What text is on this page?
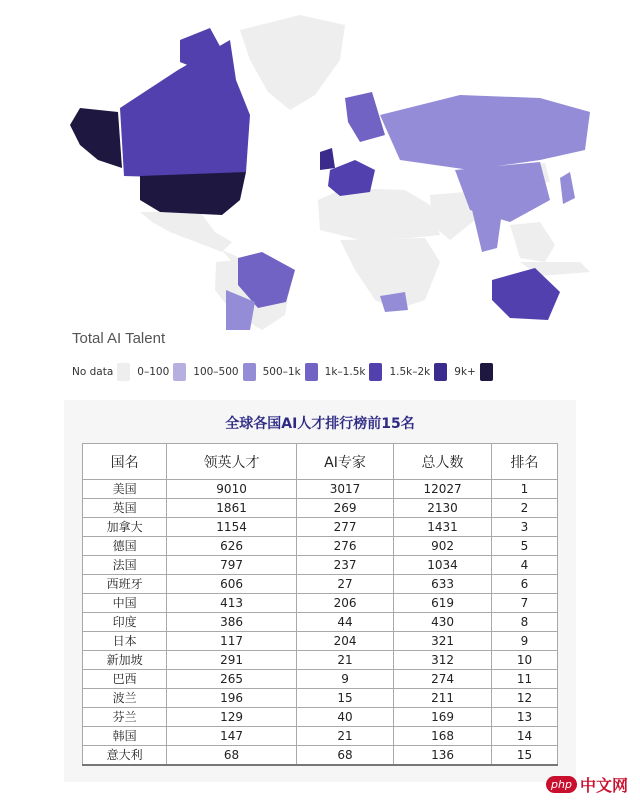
Total AI Talent
No data 0–100 100–500 500–1k 1k–1.5k 1.5k–2k 9k+
全球各国AI人才排行榜前15名
国名	领英人才	AI专家	总人数	排名
美国	9010	3017	12027	1
英国	1861	269	2130	2
加拿大	1154	277	1431	3
德国	626	276	902	5
法国	797	237	1034	4
西班牙	606	27	633	6
中国	413	206	619	7
印度	386	44	430	8
日本	117	204	321	9
新加坡	291	21	312	10
巴西	265	9	274	11
波兰	196	15	211	12
芬兰	129	40	169	13
韩国	147	21	168	14
意大利	68	68	136	15
php 中文网
